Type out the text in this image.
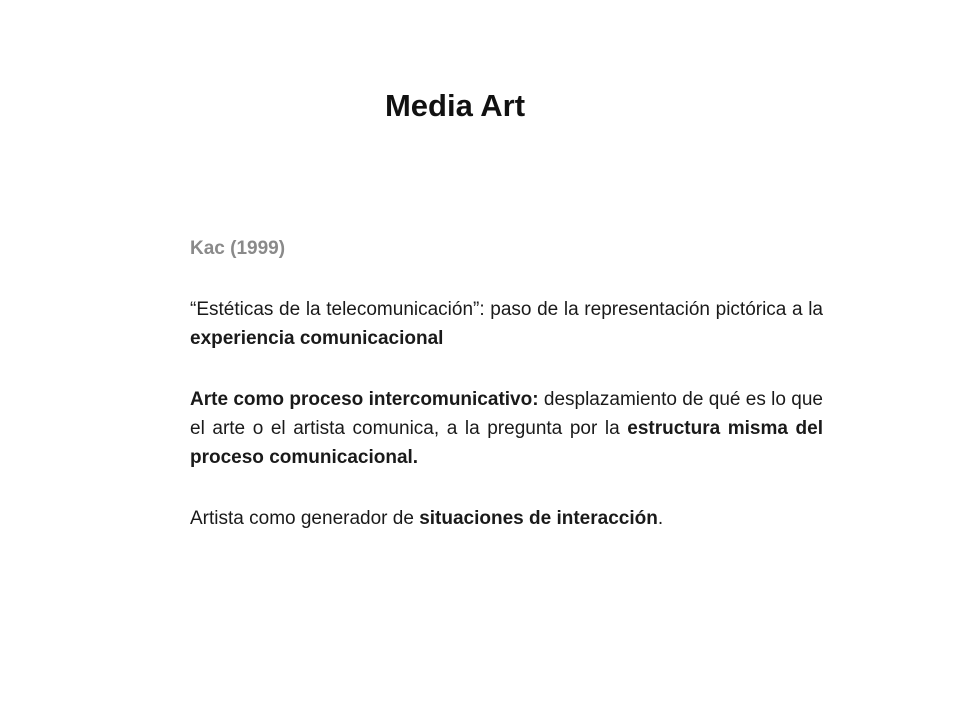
Media Art

Kac (1999)

“Estéticas de la telecomunicación”: paso de la representación pictórica a la experiencia comunicacional

Arte como proceso intercomunicativo: desplazamiento de qué es lo que el arte o el artista comunica, a la pregunta por la estructura misma del proceso comunicacional.

Artista como generador de situaciones de interacción.
